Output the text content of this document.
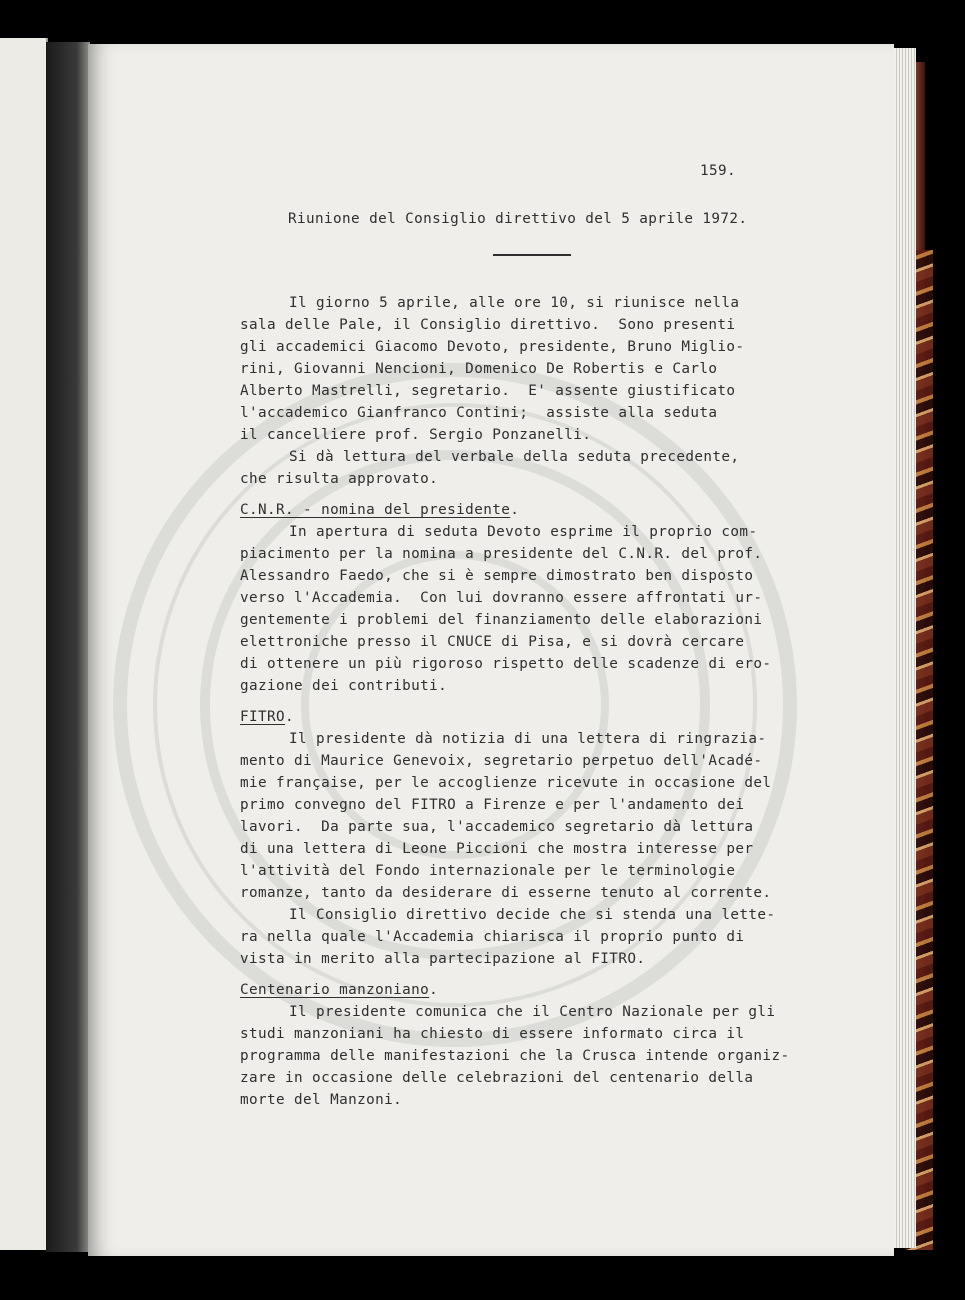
159.
Riunione del Consiglio direttivo del 5 aprile 1972.
Il giorno 5 aprile, alle ore 10, si riunisce nella
sala delle Pale, il Consiglio direttivo.  Sono presenti
gli accademici Giacomo Devoto, presidente, Bruno Miglio-
rini, Giovanni Nencioni, Domenico De Robertis e Carlo
Alberto Mastrelli, segretario.  E' assente giustificato
l'accademico Gianfranco Contini;  assiste alla seduta
il cancelliere prof. Sergio Ponzanelli.
Si dà lettura del verbale della seduta precedente,
che risulta approvato.
C.N.R. - nomina del presidente.
In apertura di seduta Devoto esprime il proprio com-
piacimento per la nomina a presidente del C.N.R. del prof.
Alessandro Faedo, che si è sempre dimostrato ben disposto
verso l'Accademia.  Con lui dovranno essere affrontati ur-
gentemente i problemi del finanziamento delle elaborazioni
elettroniche presso il CNUCE di Pisa, e si dovrà cercare
di ottenere un più rigoroso rispetto delle scadenze di ero-
gazione dei contributi.
FITRO.
Il presidente dà notizia di una lettera di ringrazia-
mento di Maurice Genevoix, segretario perpetuo dell'Acadé-
mie française, per le accoglienze ricevute in occasione del
primo convegno del FITRO a Firenze e per l'andamento dei
lavori.  Da parte sua, l'accademico segretario dà lettura
di una lettera di Leone Piccioni che mostra interesse per
l'attività del Fondo internazionale per le terminologie
romanze, tanto da desiderare di esserne tenuto al corrente.
Il Consiglio direttivo decide che si stenda una lette-
ra nella quale l'Accademia chiarisca il proprio punto di
vista in merito alla partecipazione al FITRO.
Centenario manzoniano.
Il presidente comunica che il Centro Nazionale per gli
studi manzoniani ha chiesto di essere informato circa il
programma delle manifestazioni che la Crusca intende organiz-
zare in occasione delle celebrazioni del centenario della
morte del Manzoni.
